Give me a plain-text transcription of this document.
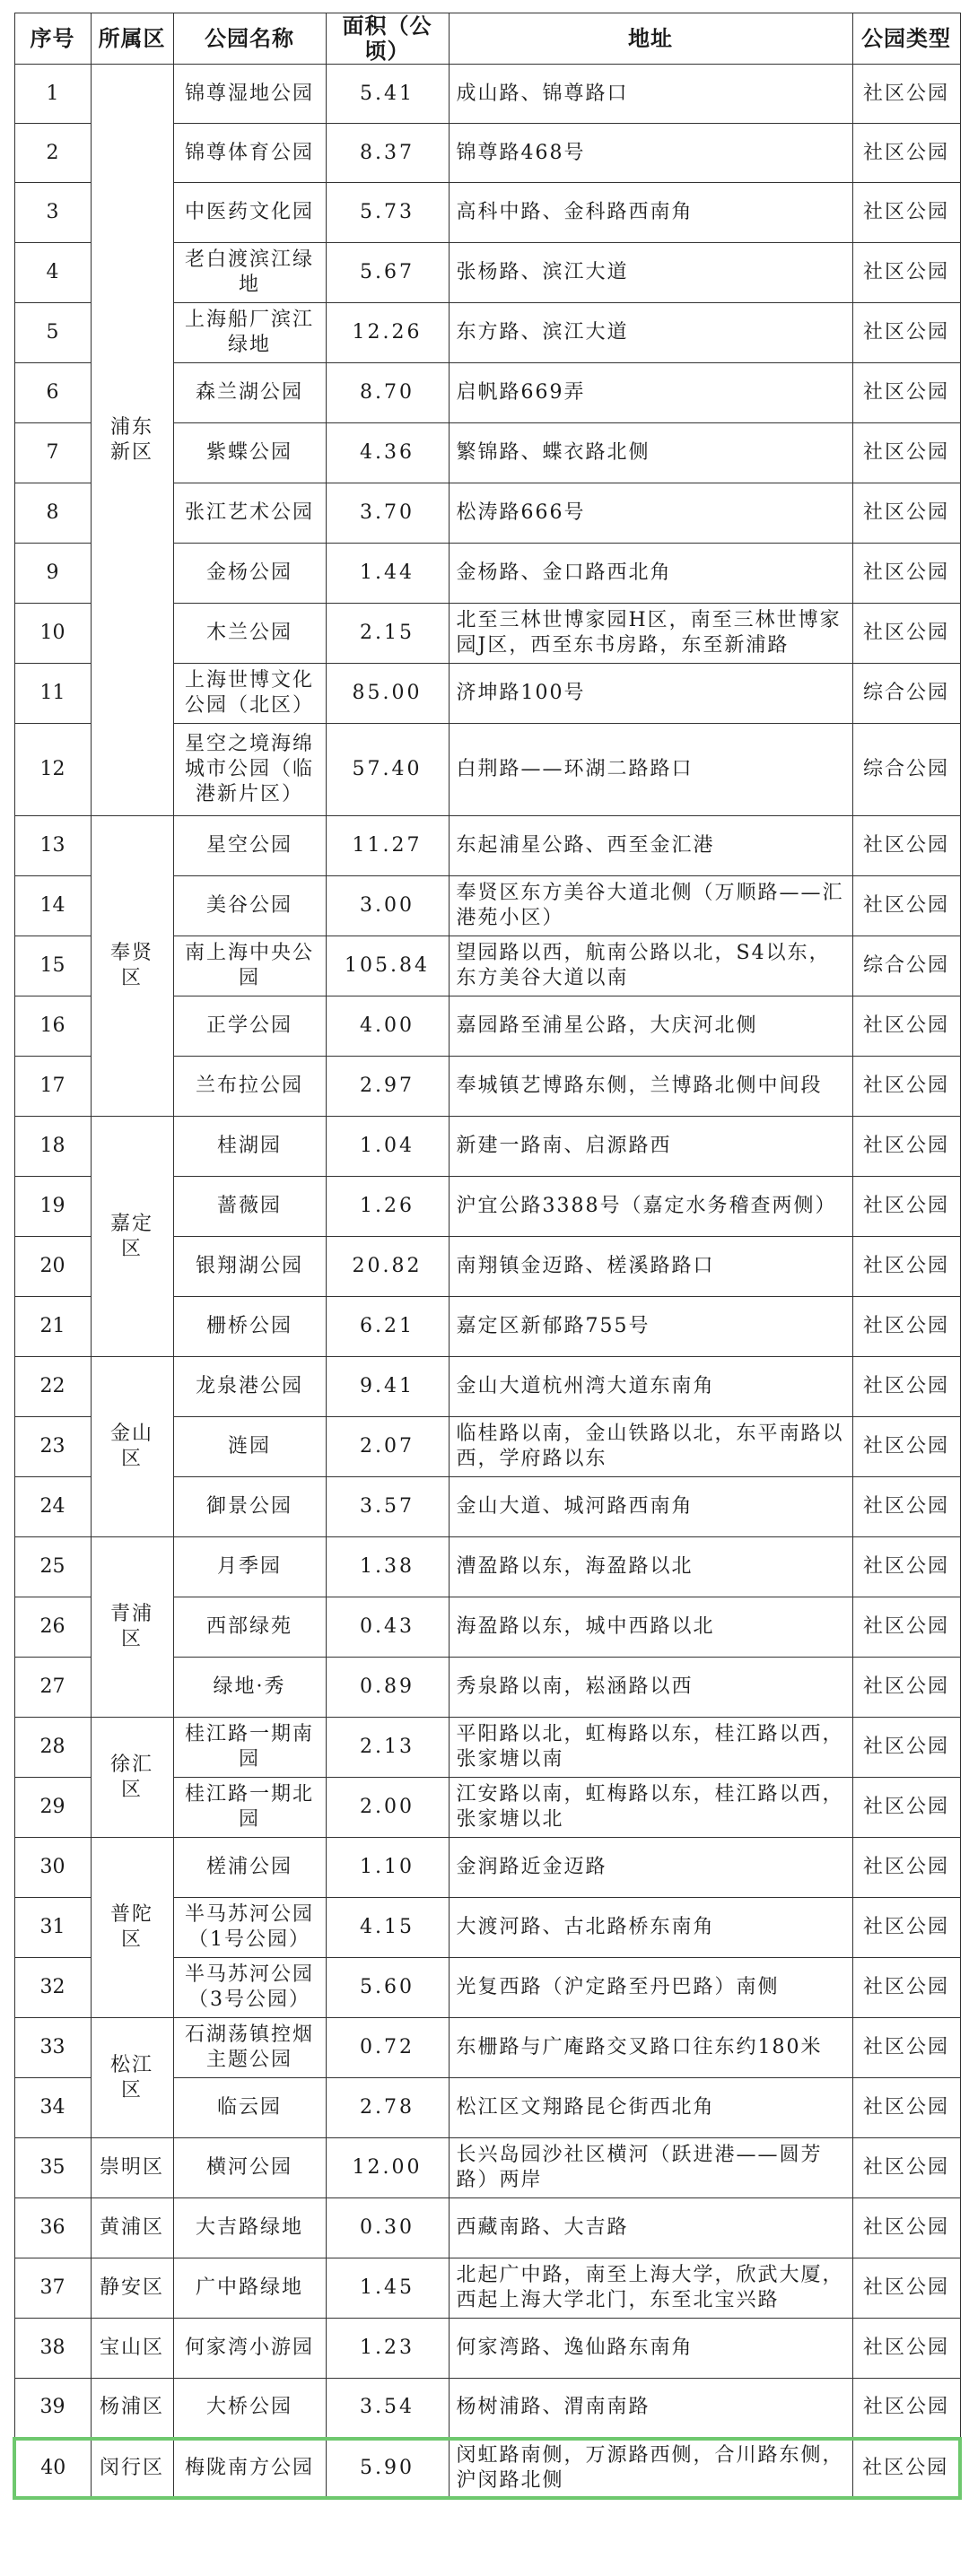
序号	所属区	公园名称	面积（公顷）	地址	公园类型
1	浦东新区	锦尊湿地公园	5.41	成山路、锦尊路口	社区公园
2		锦尊体育公园	8.37	锦尊路468号	社区公园
3		中医药文化园	5.73	高科中路、金科路西南角	社区公园
4		老白渡滨江绿地	5.67	张杨路、滨江大道	社区公园
5		上海船厂滨江绿地	12.26	东方路、滨江大道	社区公园
6		森兰湖公园	8.70	启帆路669弄	社区公园
7		紫蝶公园	4.36	繁锦路、蝶衣路北侧	社区公园
8		张江艺术公园	3.70	松涛路666号	社区公园
9		金杨公园	1.44	金杨路、金口路西北角	社区公园
10		木兰公园	2.15	北至三林世博家园H区，南至三林世博家园J区，西至东书房路，东至新浦路	社区公园
11		上海世博文化公园（北区）	85.00	济坤路100号	综合公园
12		星空之境海绵城市公园（临港新片区）	57.40	白荆路——环湖二路路口	综合公园
13	奉贤区	星空公园	11.27	东起浦星公路、西至金汇港	社区公园
14		美谷公园	3.00	奉贤区东方美谷大道北侧（万顺路——汇港苑小区）	社区公园
15		南上海中央公园	105.84	望园路以西，航南公路以北，S4以东，东方美谷大道以南	综合公园
16		正学公园	4.00	嘉园路至浦星公路，大庆河北侧	社区公园
17		兰布拉公园	2.97	奉城镇艺博路东侧，兰博路北侧中间段	社区公园
18	嘉定区	桂湖园	1.04	新建一路南、启源路西	社区公园
19		蔷薇园	1.26	沪宜公路3388号（嘉定水务稽查两侧）	社区公园
20		银翔湖公园	20.82	南翔镇金迈路、槎溪路路口	社区公园
21		栅桥公园	6.21	嘉定区新郁路755号	社区公园
22	金山区	龙泉港公园	9.41	金山大道杭州湾大道东南角	社区公园
23		涟园	2.07	临桂路以南，金山铁路以北，东平南路以西，学府路以东	社区公园
24		御景公园	3.57	金山大道、城河路西南角	社区公园
25	青浦区	月季园	1.38	漕盈路以东，海盈路以北	社区公园
26		西部绿苑	0.43	海盈路以东，城中西路以北	社区公园
27		绿地·秀	0.89	秀泉路以南，崧涵路以西	社区公园
28	徐汇区	桂江路一期南园	2.13	平阳路以北，虹梅路以东，桂江路以西，张家塘以南	社区公园
29		桂江路一期北园	2.00	江安路以南，虹梅路以东，桂江路以西，张家塘以北	社区公园
30	普陀区	槎浦公园	1.10	金润路近金迈路	社区公园
31		半马苏河公园（1号公园）	4.15	大渡河路、古北路桥东南角	社区公园
32		半马苏河公园（3号公园）	5.60	光复西路（沪定路至丹巴路）南侧	社区公园
33	松江区	石湖荡镇控烟主题公园	0.72	东栅路与广庵路交叉路口往东约180米	社区公园
34		临云园	2.78	松江区文翔路昆仑街西北角	社区公园
35	崇明区	横河公园	12.00	长兴岛园沙社区横河（跃进港——圆芳路）两岸	社区公园
36	黄浦区	大吉路绿地	0.30	西藏南路、大吉路	社区公园
37	静安区	广中路绿地	1.45	北起广中路，南至上海大学，欣武大厦，西起上海大学北门，东至北宝兴路	社区公园
38	宝山区	何家湾小游园	1.23	何家湾路、逸仙路东南角	社区公园
39	杨浦区	大桥公园	3.54	杨树浦路、渭南南路	社区公园
40	闵行区	梅陇南方公园	5.90	闵虹路南侧，万源路西侧，合川路东侧，沪闵路北侧	社区公园
